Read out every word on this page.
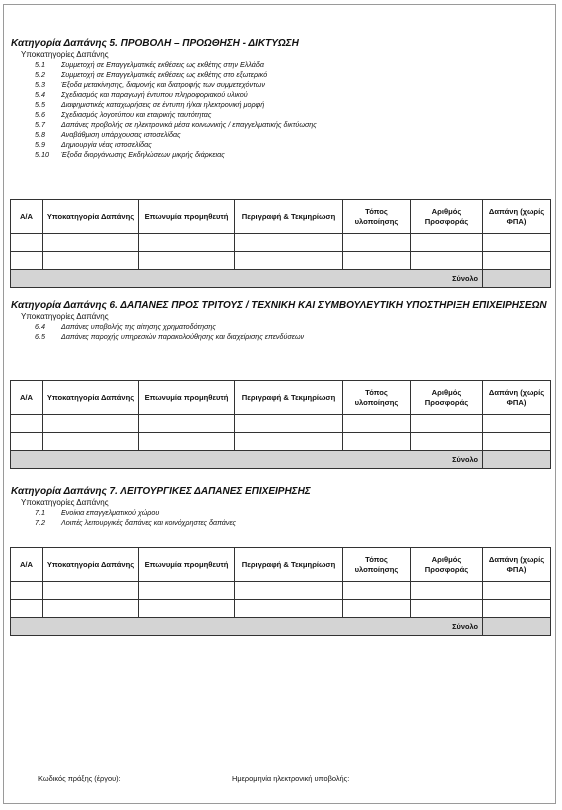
Κατηγορία Δαπάνης 5. ΠΡΟΒΟΛΗ – ΠΡΟΩΘΗΣΗ - ΔΙΚΤΥΩΣΗ
Υποκατηγορίες Δαπάνης
5.1 Συμμετοχή σε Επαγγελματικές εκθέσεις ως εκθέτης στην Ελλάδα
5.2 Συμμετοχή σε Επαγγελματικές εκθέσεις ως εκθέτης στο εξωτερικό
5.3 Έξοδα μετακίνησης, διαμονής και διατροφής των συμμετεχόντων
5.4 Σχεδιασμός και παραγωγή έντυπου πληροφοριακού υλικού
5.5 Διαφημιστικές καταχωρήσεις σε έντυπη ή/και ηλεκτρονική μορφή
5.6 Σχεδιασμός λογοτύπου και εταιρικής ταυτότητας
5.7 Δαπάνες προβολής σε ηλεκτρονικά μέσα κοινωνικής / επαγγελματικής δικτύωσης
5.8 Αναβάθμιση υπάρχουσας ιστοσελίδας
5.9 Δημιουργία νέας ιστοσελίδας
5.10 Έξοδα διοργάνωσης Εκδηλώσεων μικρής διάρκειας
Α/Α	Υποκατηγορία Δαπάνης	Επωνυμία προμηθευτή	Περιγραφή & Τεκμηρίωση	Τόπος υλοποίησης	Αριθμός Προσφοράς	Δαπάνη (χωρίς ΦΠΑ)

Σύνολο						
Κατηγορία Δαπάνης 6. ΔΑΠΑΝΕΣ ΠΡΟΣ ΤΡΙΤΟΥΣ / ΤΕΧΝΙΚΗ ΚΑΙ ΣΥΜΒΟΥΛΕΥΤΙΚΗ ΥΠΟΣΤΗΡΙΞΗ ΕΠΙΧΕΙΡΗΣΕΩΝ
Υποκατηγορίες Δαπάνης
6.4 Δαπάνες υποβολής της αίτησης χρηματοδότησης
6.5 Δαπάνες παροχής υπηρεσιών παρακολούθησης και διαχείρισης επενδύσεων
Α/Α	Υποκατηγορία Δαπάνης	Επωνυμία προμηθευτή	Περιγραφή & Τεκμηρίωση	Τόπος υλοποίησης	Αριθμός Προσφοράς	Δαπάνη (χωρίς ΦΠΑ)

Σύνολο						
Κατηγορία Δαπάνης 7. ΛΕΙΤΟΥΡΓΙΚΕΣ ΔΑΠΑΝΕΣ ΕΠΙΧΕΙΡΗΣΗΣ
Υποκατηγορίες Δαπάνης
7.1 Ενοίκια επαγγελματικού χώρου
7.2 Λοιπές λειτουργικές δαπάνες και κοινόχρηστες δαπάνες
Α/Α	Υποκατηγορία Δαπάνης	Επωνυμία προμηθευτή	Περιγραφή & Τεκμηρίωση	Τόπος υλοποίησης	Αριθμός Προσφοράς	Δαπάνη (χωρίς ΦΠΑ)

Σύνολο						
Κωδικός πράξης (έργου):	Ημερομηνία ηλεκτρονική υποβολής:
